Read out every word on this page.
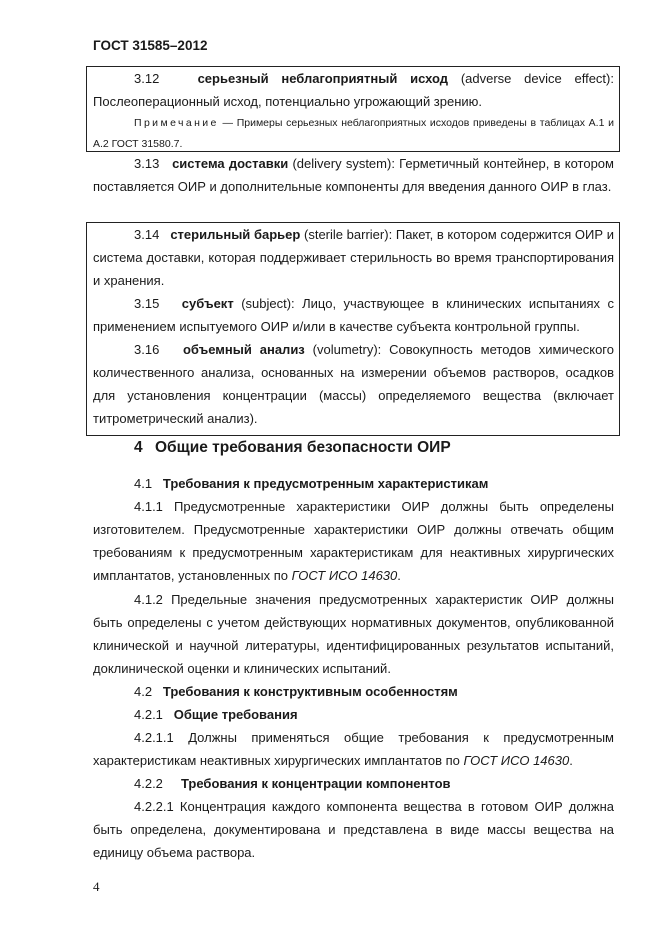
ГОСТ 31585–2012

3.12	серьезный неблагоприятный исход (adverse device effect): Послеоперационный исход, потенциально угрожающий зрению.

Примечание — Примеры серьезных неблагоприятных исходов приведены в таблицах А.1 и А.2 ГОСТ 31580.7.

3.13 система доставки (delivery system): Герметичный контейнер, в котором поставляется ОИР и дополнительные компоненты для введения данного ОИР в глаз.

3.14 стерильный барьер (sterile barrier): Пакет, в котором содержится ОИР и система доставки, которая поддерживает стерильность во время транспортирования и хранения.

3.15 субъект (subject): Лицо, участвующее в клинических испытаниях с применением испытуемого ОИР и/или в качестве субъекта контрольной группы.

3.16 объемный анализ (volumetry): Совокупность методов химического количественного анализа, основанных на измерении объемов растворов, осадков для установления концентрации (массы) определяемого вещества (включает титрометрический анализ).

4 Общие требования безопасности ОИР

4.1 Требования к предусмотренным характеристикам

4.1.1 Предусмотренные характеристики ОИР должны быть определены изготовителем. Предусмотренные характеристики ОИР должны отвечать общим требованиям к предусмотренным характеристикам для неактивных хирургических имплантатов, установленных по ГОСТ ИСО 14630.

4.1.2 Предельные значения предусмотренных характеристик ОИР должны быть определены с учетом действующих нормативных документов, опубликованной клинической и научной литературы, идентифицированных результатов испытаний, доклинической оценки и клинических испытаний.

4.2 Требования к конструктивным особенностям

4.2.1 Общие требования

4.2.1.1 Должны применяться общие требования к предусмотренным характеристикам неактивных хирургических имплантатов по ГОСТ ИСО 14630.

4.2.2 Требования к концентрации компонентов

4.2.2.1 Концентрация каждого компонента вещества в готовом ОИР должна быть определена, документирована и представлена в виде массы вещества на единицу объема раствора.

4
